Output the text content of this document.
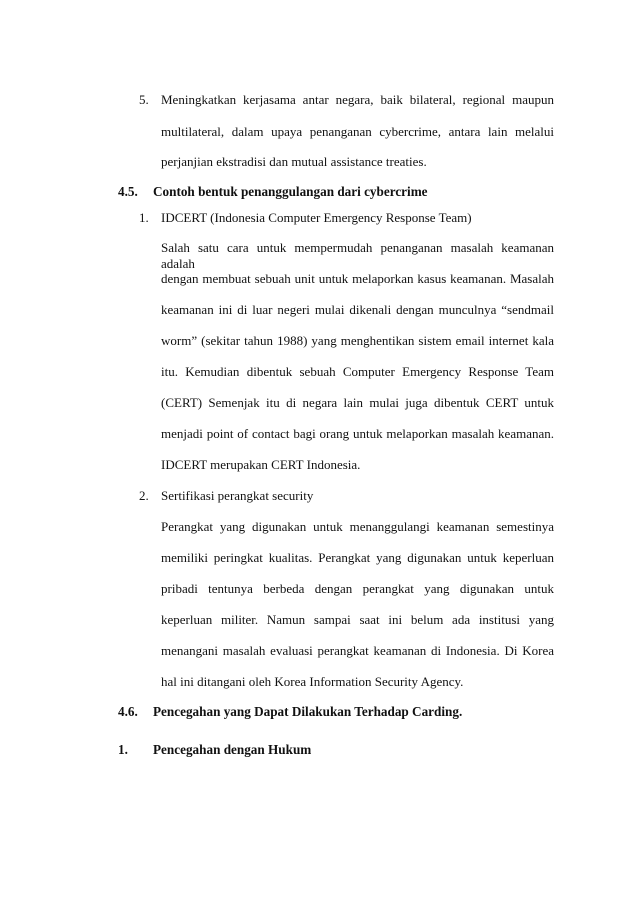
5. Meningkatkan kerjasama antar negara, baik bilateral, regional maupun
multilateral, dalam upaya penanganan cybercrime, antara lain melalui
perjanjian ekstradisi dan mutual assistance treaties.
4.5. Contoh bentuk penanggulangan dari cybercrime
1. IDCERT (Indonesia Computer Emergency Response Team)
Salah satu cara untuk mempermudah penanganan masalah keamanan adalah
dengan membuat sebuah unit untuk melaporkan kasus keamanan. Masalah
keamanan ini di luar negeri mulai dikenali dengan munculnya “sendmail
worm” (sekitar tahun 1988) yang menghentikan sistem email internet kala
itu. Kemudian dibentuk sebuah Computer Emergency Response Team
(CERT) Semenjak itu di negara lain mulai juga dibentuk CERT untuk
menjadi point of contact bagi orang untuk melaporkan masalah keamanan.
IDCERT merupakan CERT Indonesia.
2. Sertifikasi perangkat security
Perangkat yang digunakan untuk menanggulangi keamanan semestinya
memiliki peringkat kualitas. Perangkat yang digunakan untuk keperluan
pribadi tentunya berbeda dengan perangkat yang digunakan untuk
keperluan militer. Namun sampai saat ini belum ada institusi yang
menangani masalah evaluasi perangkat keamanan di Indonesia. Di Korea
hal ini ditangani oleh Korea Information Security Agency.
4.6. Pencegahan yang Dapat Dilakukan Terhadap Carding.
1. Pencegahan dengan Hukum
